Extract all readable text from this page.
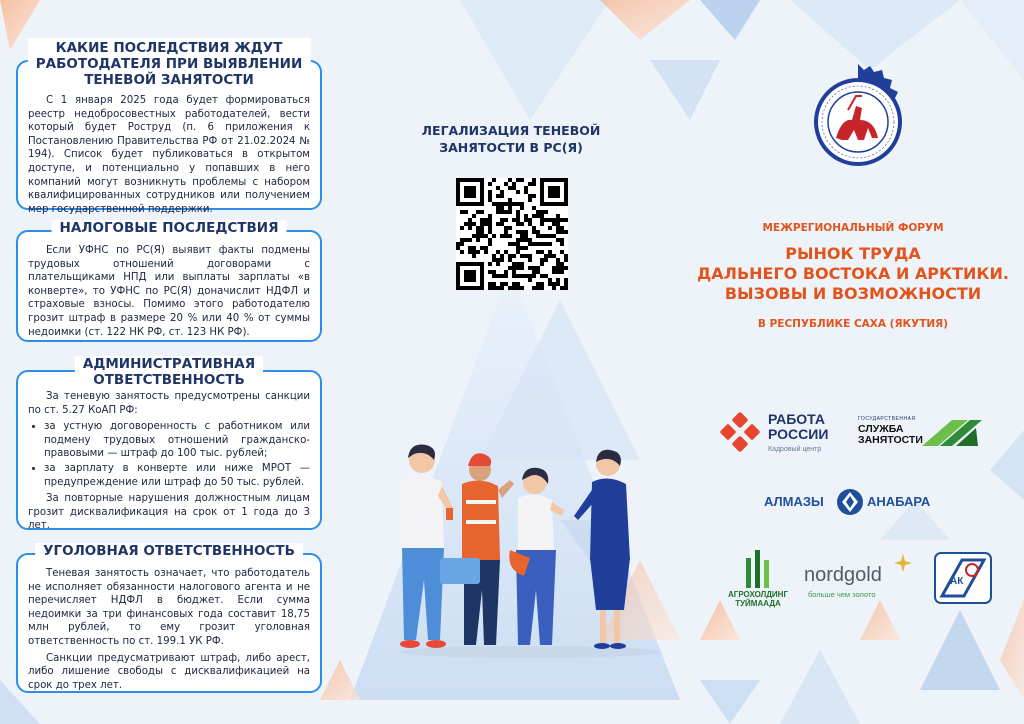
КАКИЕ ПОСЛЕДСТВИЯ ЖДУТ
РАБОТОДАТЕЛЯ ПРИ ВЫЯВЛЕНИИ
ТЕНЕВОЙ ЗАНЯТОСТИ

С 1 января 2025 года будет формироваться реестр недобросовестных работодателей, вести который будет Роструд (п. 6 приложения к Постановлению Правительства РФ от 21.02.2024 № 194). Список будет публиковаться в открытом доступе, и потенциально у попавших в него компаний могут возникнуть проблемы с набором квалифицированных сотрудников или получением мер государственной поддержки.

НАЛОГОВЫЕ ПОСЛЕДСТВИЯ

Если УФНС по РС(Я) выявит факты подмены трудовых отношений договорами с плательщиками НПД или выплаты зарплаты «в конверте», то УФНС по РС(Я) доначислит НДФЛ и страховые взносы. Помимо этого работодателю грозит штраф в размере 20 % или 40 % от суммы недоимки (ст. 122 НК РФ, ст. 123 НК РФ).

АДМИНИСТРАТИВНАЯ
ОТВЕТСТВЕННОСТЬ

За теневую занятость предусмотрены санкции по ст. 5.27 КоАП РФ:

• за устную договоренность с работником или подмену трудовых отношений гражданско-правовыми — штраф до 100 тыс. рублей;
• за зарплату в конверте или ниже МРОТ — предупреждение или штраф до 50 тыс. рублей.

За повторные нарушения должностным лицам грозит дисквалификация на срок от 1 года до 3 лет.

УГОЛОВНАЯ ОТВЕТСТВЕННОСТЬ

Теневая занятость означает, что работодатель не исполняет обязанности налогового агента и не перечисляет НДФЛ в бюджет. Если сумма недоимки за три финансовых года составит 18,75 млн рублей, то ему грозит уголовная ответственность по ст. 199.1 УК РФ.

Санкции предусматривают штраф, либо арест, либо лишение свободы с дисквалификацией на срок до трех лет.

ЛЕГАЛИЗАЦИЯ ТЕНЕВОЙ
ЗАНЯТОСТИ В РС(Я)
МЕЖРЕГИОНАЛЬНЫЙ ФОРУМ
РЫНОК ТРУДА
ДАЛЬНЕГО ВОСТОКА И АРКТИКИ.
ВЫЗОВЫ И ВОЗМОЖНОСТИ
В РЕСПУБЛИКЕ САХА (ЯКУТИЯ)
РАБОТА
РОССИИ
Кадровый центр
ГОСУДАРСТВЕННАЯ
СЛУЖБА
ЗАНЯТОСТИ
АЛМАЗЫ	АНАБАРА
АГРОХОЛДИНГ
ТУЙМААДА
nordgold
больше чем золото
АК
